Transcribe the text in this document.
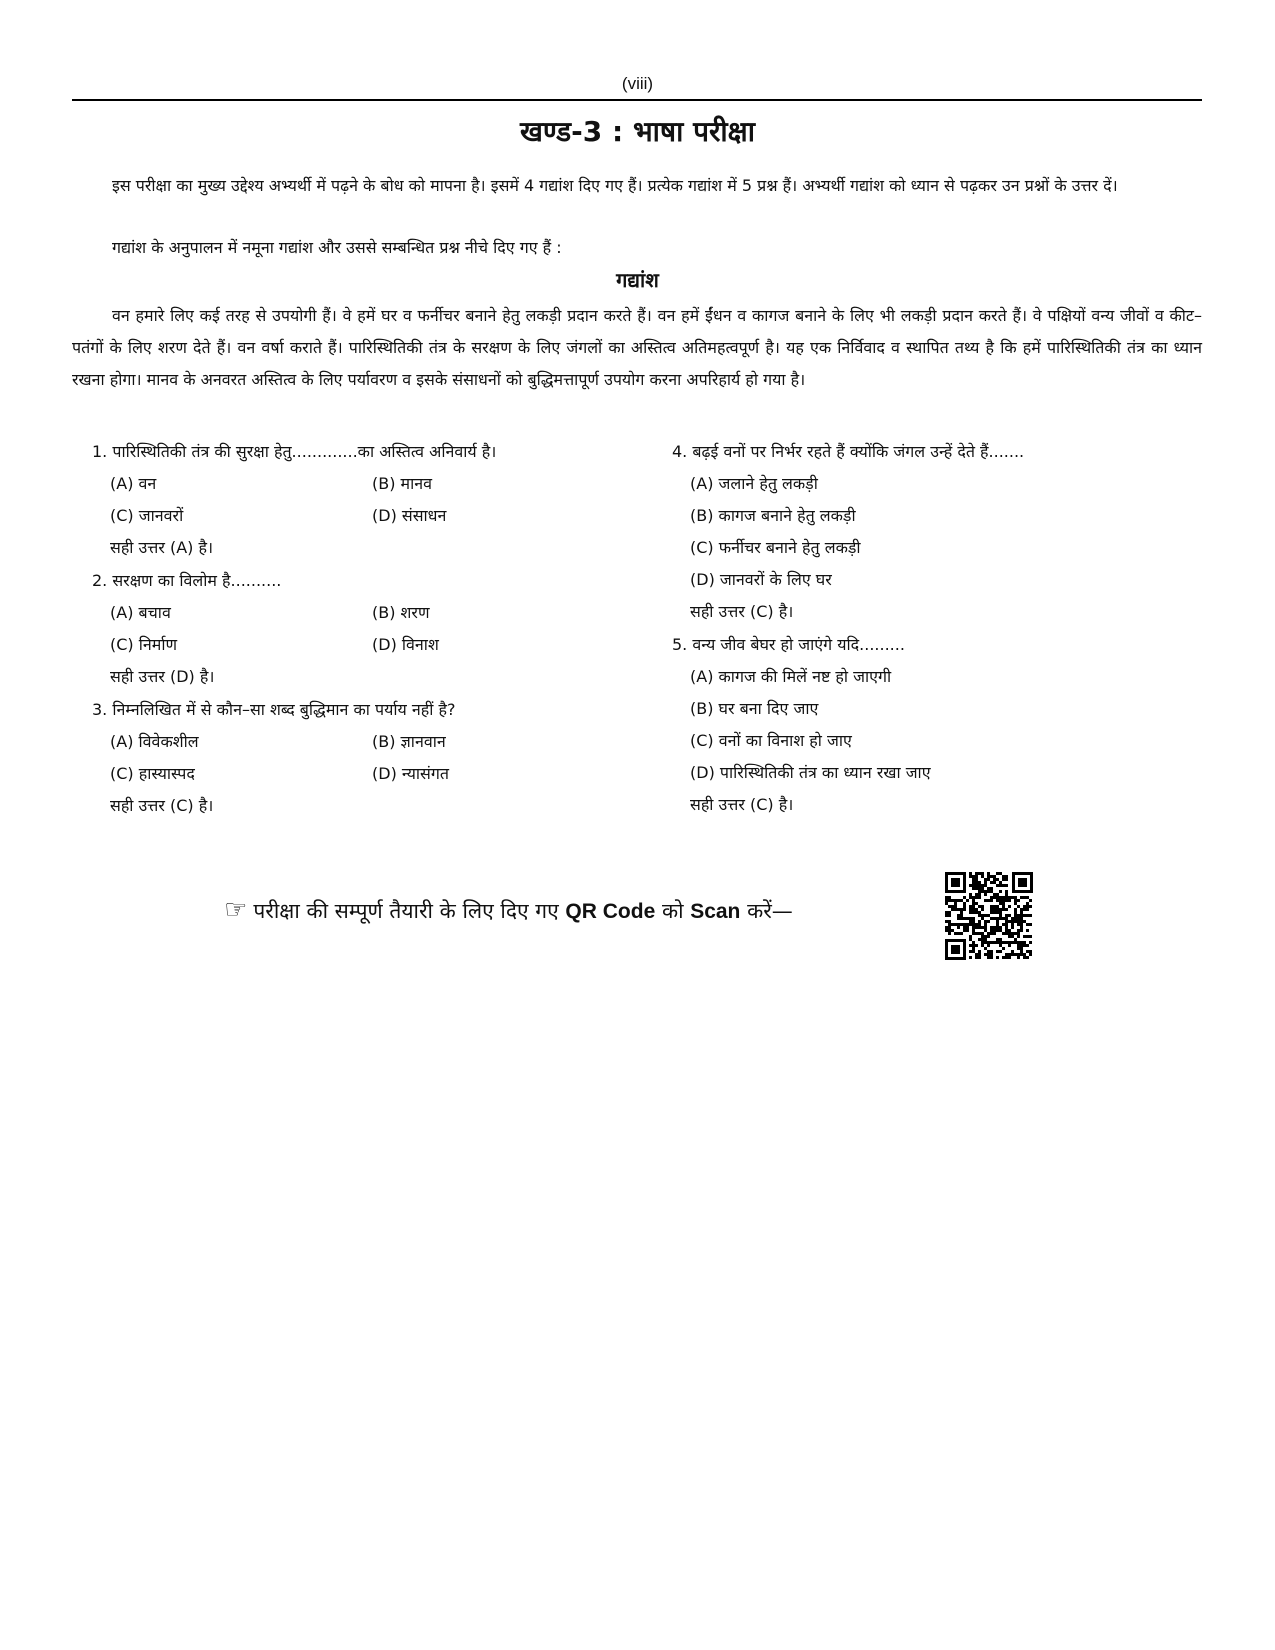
(viii)
खण्ड-3 : भाषा परीक्षा

इस परीक्षा का मुख्य उद्देश्य अभ्यर्थी में पढ़ने के बोध को मापना है। इसमें 4 गद्यांश दिए गए हैं। प्रत्येक गद्यांश में 5 प्रश्न हैं। अभ्यर्थी गद्यांश को ध्यान से पढ़कर उन प्रश्नों के उत्तर दें।

गद्यांश के अनुपालन में नमूना गद्यांश और उससे सम्बन्धित प्रश्न नीचे दिए गए हैं :

गद्यांश

वन हमारे लिए कई तरह से उपयोगी हैं। वे हमें घर व फर्नीचर बनाने हेतु लकड़ी प्रदान करते हैं। वन हमें ईंधन व कागज बनाने के लिए भी लकड़ी प्रदान करते हैं। वे पक्षियों वन्य जीवों व कीट–पतंगों के लिए शरण देते हैं। वन वर्षा कराते हैं। पारिस्थितिकी तंत्र के सरक्षण के लिए जंगलों का अस्तित्व अतिमहत्वपूर्ण है। यह एक निर्विवाद व स्थापित तथ्य है कि हमें पारिस्थितिकी तंत्र का ध्यान रखना होगा। मानव के अनवरत अस्तित्व के लिए पर्यावरण व इसके संसाधनों को बुद्धिमत्तापूर्ण उपयोग करना अपरिहार्य हो गया है।

1. पारिस्थितिकी तंत्र की सुरक्षा हेतु.............का अस्तित्व अनिवार्य है।
(A) वन	(B) मानव
(C) जानवरों	(D) संसाधन
सही उत्तर (A) है।
2. सरक्षण का विलोम है..........
(A) बचाव	(B) शरण
(C) निर्माण	(D) विनाश
सही उत्तर (D) है।
3. निम्नलिखित में से कौन–सा शब्द बुद्धिमान का पर्याय नहीं है?
(A) विवेकशील	(B) ज्ञानवान
(C) हास्यास्पद	(D) न्यासंगत
सही उत्तर (C) है।
4. बढ़ई वनों पर निर्भर रहते हैं क्योंकि जंगल उन्हें देते हैं.......
(A) जलाने हेतु लकड़ी
(B) कागज बनाने हेतु लकड़ी
(C) फर्नीचर बनाने हेतु लकड़ी
(D) जानवरों के लिए घर
सही उत्तर (C) है।
5. वन्य जीव बेघर हो जाएंगे यदि.........
(A) कागज की मिलें नष्ट हो जाएगी
(B) घर बना दिए जाए
(C) वनों का विनाश हो जाए
(D) पारिस्थितिकी तंत्र का ध्यान रखा जाए
सही उत्तर (C) है।
☞ परीक्षा की सम्पूर्ण तैयारी के लिए दिए गए QR Code को Scan करें—
